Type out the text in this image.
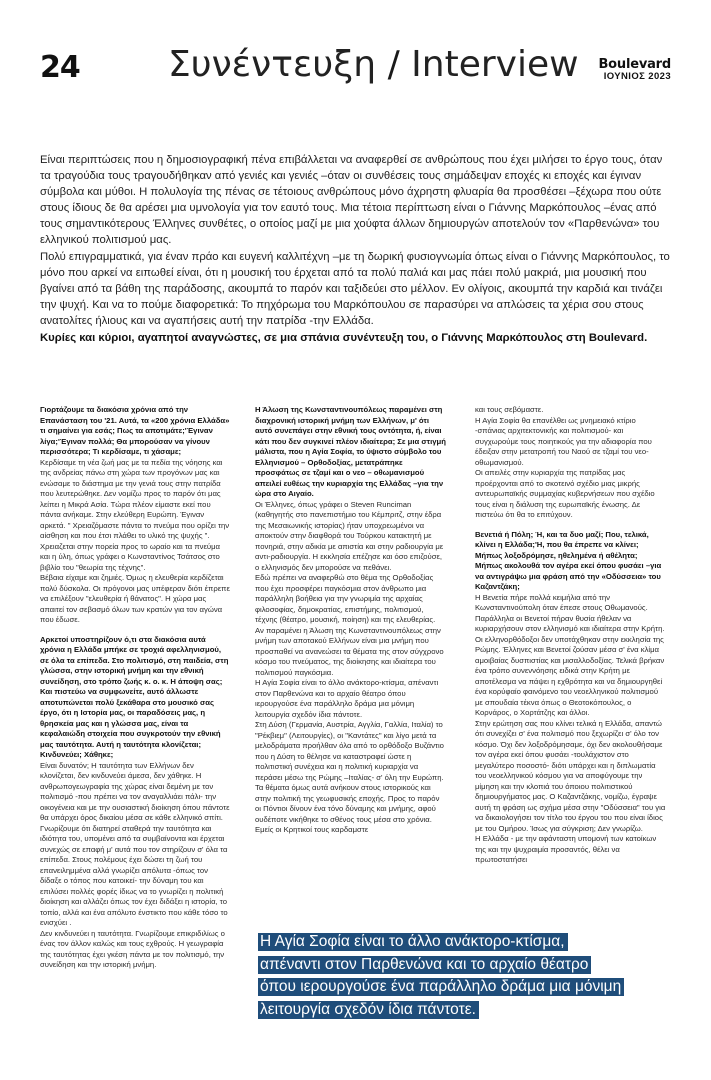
24 Συνέντευξη / Interview Boulevard
ΙΟΥΝΙΟΣ 2023

Είναι περιπτώσεις που η δημοσιογραφική πένα επιβάλλεται να αναφερθεί σε ανθρώπους που έχει μιλήσει το έργο τους, όταν τα τραγούδια τους τραγουδήθηκαν από γενιές και γενιές –όταν οι συνθέσεις τους σημάδεψαν εποχές κι εποχές και έγιναν σύμβολα και μύθοι. Η πολυλογία της πένας σε τέτοιους ανθρώπους μόνο άχρηστη φλυαρία θα προσθέσει –ξέχωρα που ούτε στους ίδιους δε θα αρέσει μια υμνολογία για τον εαυτό τους. Μια τέτοια περίπτωση είναι ο Γιάννης Μαρκόπουλος –ένας από τους σημαντικότερους Έλληνες συνθέτες, ο οποίος μαζί με μια χούφτα άλλων δημιουργών αποτελούν τον «Παρθενώνα» του ελληνικού πολιτισμού μας.

Πολύ επιγραμματικά, για έναν πράο και ευγενή καλλιτέχνη –με τη δωρική φυσιογνωμία όπως είναι ο Γιάννης Μαρκόπουλος, το μόνο που αρκεί να ειπωθεί είναι, ότι η μουσική του έρχεται από τα πολύ παλιά και μας πάει πολύ μακριά, μια μουσική που βγαίνει από τα βάθη της παράδοσης, ακουμπά το παρόν και ταξιδεύει στο μέλλον. Εν ολίγοις, ακουμπά την καρδιά και τινάζει την ψυχή. Και να το πούμε διαφορετικά: Το πηχόρωμα του Μαρκόπουλου σε παρασύρει να απλώσεις τα χέρια σου στους ανατολίτες ήλιους και να αγαπήσεις αυτή την πατρίδα -την Ελλάδα.

Κυρίες και κύριοι, αγαπητοί αναγνώστες, σε μια σπάνια συνέντευξη του, ο Γιάννης Μαρκόπουλος στη Boulevard.

Γιορτάζουμε τα διακόσια χρόνια από την Επανάσταση του '21. Αυτά, τα «200 χρόνια Ελλάδα» τι σημαίνει για εσάς; Πως τα αποτιμάτε;'Έγιναν λίγα;'Έγιναν πολλά; Θα μπορούσαν να γίνουν περισσότερα; Τι κερδίσαμε, τι χάσαμε;

Κερδίσαμε τη νέα ζωή μας με τα πεδία της νόησης και της ανδρείας πάνω στη χώρα των προγόνων μας και ενώσαμε το διάστημα με την γενιά τους στην πατρίδα που λευτερώθηκε. Δεν νομίζω προς το παρόν ότι μας λείπει η Μικρά Ασία. Τώρα πλέον είμαστε εκεί που πάντα ανήκαμε. Στην ελεύθερη Ευρώπη. Έγιναν αρκετά. " Χρειαζόμαστε πάντα το πνεύμα που ορίζει την αίσθηση και που έτσι πλάθει το υλικό της ψυχής ".

Χρειαζεται στην πορεία προς το ωραίο και τα πνεύμα και η ύλη, όπως γράφει ο Κωνσταντίνος Τσάτσος στο βιβλίο του "θεωρία της τέχνης".

Βέβαια είχαμε και ζημιές. Όμως η ελευθερία κερδίζεται πολύ δύσκολα. Οι πρόγονοι μας υπέφεραν διότι έπρεπε να επιλέξουν "ελευθερία ή θάνατος". Η χώρα μας απαιτεί τον σεβασμό όλων των κρατών για τον αγώνα που έδωσε.

Αρκετοί υποστηρίζουν ό,τι στα διακόσια αυτά χρόνια η Ελλάδα μπήκε σε τροχιά αφελληνισμού, σε όλα τα επίπεδα. Στο πολιτισμό, στη παιδεία, στη γλώσσα, στην ιστορική μνήμη και την εθνική συνείδηση, στο τρόπο ζωής κ. ο. κ. Η άποψη σας; Και πιστεύω να συμφωνείτε, αυτό άλλωστε αποτυπώνεται πολύ ξεκάθαρα στο μουσικό σας έργο, ότι η Ιστορία μας, οι παραδόσεις μας, η θρησκεία μας και η γλώσσα μας, είναι τα κεφαλαιώδη στοιχεία που συγκροτούν την εθνική μας ταυτότητα. Αυτή η ταυτότητα κλονίζεται; Κινδυνεύει; Χάθηκε;

Είναι δυνατόν; Η ταυτότητα των Ελλήνων δεν κλονίζεται, δεν κινδυνεύει άμεσα, δεν χάθηκε. Η ανθρωπογεωγραφία της χώρας είναι δεμένη με τον πολιτισμό -που πρέπει να τον αναγαλλιάει πάλι- την οικογένεια και με την ουσιαστική διοίκηση όπου πάντοτε θα υπάρχει όρος δικαίου μέσα σε κάθε ελληνικό σπίτι. Γνωρίζουμε ότι διατηρεί σταθερά την ταυτότητα και ιδιότητα του, υπομένει από τα συμβαίνοντα και έρχεται συνεχώς σε επαφή μ' αυτά που τον στηρίζουν σ' όλα τα επίπεδα. Στους πολέμους έχει δώσει τη ζωή του επανειλημμένα αλλά γνωρίζει απόλυτα -όπως τον δίδαξε ο τόπος που κατοικεί- την δύναμη του και επιλύσει πολλές φορές ίδιως να το γνωρίζει η πολιτική διοίκηση και αλλάζει όπως τον έχει διδάξει η ιστορία, το τοπίο, αλλά και ένα απόλυτο ένστικτο που κάθε τόσο το ενισχύει .

Δεν κινδυνεύει η ταυτότητα. Γνωρίζουμε επικριδιλίως ο ένας τον άλλον καλώς και τους εχθρούς. Η γεωγραφία της ταυτότητας έχει γκέση πάντα με τον πολιτισμό, την συνείδηση και την ιστορική μνήμη.

Η Άλωση της Κωνσταντινουπόλεως παραμένει στη διαχρονική ιστορική μνήμη των Ελλήνων, μ' ότι αυτό συνεπάγει στην εθνική τους οντότητα, ή, είναι κάτι που δεν συγκινεί πλέον ιδιαίτερα; Σε μια στιγμή μάλιστα, που η Αγία Σοφία, το ύψιστο σύμβολο του Ελληνισμού – Ορθοδοξίας, μετατράπηκε προσφάτως σε τζαμί και ο νεο – οθωμανισμού απειλεί ευθέως την κυριαρχία της Ελλάδας –για την ώρα στο Αιγαίο.

Οι Έλληνες, όπως γράφει ο Steven Runciman (καθηγητής στο πανεπιστήμιο του Κέμπριτζ, στην έδρα της Μεσαιωνικής ιστορίας) ήταν υποχρεωμένοι να αποκτούν στην διαφθορά του Τούρκου κατακτητή με πονηριά, στην αδικία με απιστία και στην ραδιουργία με αντι-ραδιουργία. Η εκκλησία επέζησε και όσο επιζούσε, ο ελληνισμός δεν μπορούσε να πεθάνει.

Εδώ πρέπει να αναφερθώ στο θέμα της Ορθοδοξίας που έχει προσφέρει παγκόσμια στον άνθρωπο μια παράλληλη βοήθεια για την γνωριμία της αρχαίας φιλοσοφίας, δημοκρατίας, επιστήμης, πολιτισμού, τέχνης (θέατρο, μουσική, ποίηση) και της ελευθερίας.

Αν παραμένει η Άλωση της Κωνσταντινουπόλεως στην μνήμη των αποτακού Ελλήνων είναι μια μνήμη που προσπαθεί να ανανεώσει τα θέματα της στον σύγχρονο κόσμο του πνεύματος, της διοίκησης και ιδιαίτερα του πολιτισμού παγκόσμια.

Η Αγία Σοφία είναι το άλλο ανάκτορο-κτίσμα, απέναντι στον Παρθενώνα και το αρχαίο θέατρο όπου ιερουργούσε ένα παράλληλο δράμα μια μόνιμη λειτουργία σχεδόν ίδια πάντοτε.

Στη Δύση (Γερμανία, Αυστρία, Αγγλία, Γαλλία, Ιταλία) το "Ρέκβιεμ" (Λειτουργίες), οι "Καντάτες" και λίγο μετά τα μελοδράματα προήλθαν όλα από το ορθόδοξο Βυζάντιο που η Δύση το θέλησε να καταστραφεί ώστε η πολιτιστική συνέχεια και η πολιτική κυριαρχία να περάσει μέσω της Ρώμης –Ιταλίας- σ' όλη την Ευρώπη. Τα θέματα όμως αυτά ανήκουν στους ιστορικούς και στην πολιτική της γεωφυσικής εποχής. Προς το παρόν οι Πόντιοι δίνουν ένα τόνο δύναμης και μνήμης, αφού ουδέποτε νικήθηκε το σθένος τους μέσα στο χρόνια. Εμείς οι Κρητικοί τους καρδαμστε

και τους σεβόμαστε.

Η Αγία Σοφία θα επανέλθει ως μνημειακό κτίριο -σπάνιας αρχιτεκτονικής και πολιτισμού- και συγχωρούμε τους ποιητικούς για την αδιαφορία που έδειξαν στην μετατροπή του Ναού σε τζαμί του νεο-οθωμανισμού.

Οι απειλές στην κυριαρχία της πατρίδας μας προέρχονται από το σκοτεινό σχέδιο μιας μικρής αντευρωπαϊκής συμμαχίας κυβερνήσεων που σχέδιο τους είναι η διάλυση της ευρωπαϊκής ένωσης. Δε πιστεύω ότι θα το επιτύχουν.

Βενετιά ή Πόλη; Ή, και τα δυο μαζί; Που, τελικά, κλίνει η Ελλάδα;'Η, που θα έπρεπε να κλίνει; Μήπως λοξοδρόμησε, ηθελημένα ή αθέλητα; Μήπως ακολουθά τον αγέρα εκεί όπου φυσάει –για να αντιγράψω μια φράση από την «Οδύσσεια» του Καζαντζάκη;

Η Βενετία πήρε πολλά κειμήλια από την Κωνσταντινούπολη όταν έπεσε στους Οθωμανούς. Παράλληλα οι Βενετοί πήραν θυσία ήθελαν να κυριαρχήσουν στον ελληνισμό και ιδιαίτερα στην Κρήτη. Οι ελληνορθόδοξοι δεν υποτάχθηκαν στην εκκλησία της Ρώμης. Έλληνες και Βενετοί ζούσαν μέσα σ' ένα κλίμα αμοιβαίας δυσπιστίας και μισαλλοδοξίας. Τελικά βρήκαν ένα τρόπο συνεννόησης ειδικά στην Κρήτη με αποτέλεσμα να πάψει η εχθρότητα και να δημιουργηθεί ένα κορύφαίο φαινόμενο του νεοελληνικού πολιτισμού με σπουδαία τέκνα όπως ο Θεοτοκόπουλος, ο Κορνάρος, ο Χορτάτζης και άλλοι.

Στην ερώτηση σας που κλίνει τελικά η Ελλάδα, απαντώ ότι συνεχίζει σ' ένα πολιτισμό που ξεχωρίζει σ' όλο τον κόσμο. Όχι δεν λοξοδρόμησαμε, όχι δεν ακολουθήσαμε τον αγέρα εκεί όπου φυσάει -τουλάχιστον στο μεγαλύτερο ποσοστό- διότι υπάρχει και η διπλωματία του νεοελληνικού κόσμου για να αποφύγουμε την μίμηση και την κλοπιά του όποιου πολιτιστικού δημιουργήματος μας. Ο Καζαντζάκης, νομίζω, έγραψε αυτή τη φράση ως σχήμα μέσα στην "Οδύσσεια" του για να δικαιολογήσει τον τίτλο του έργου του που είναι ίδιος με του Ομήρου. Ίσως για σύγκριση; Δεν γνωρίζω.

Η Ελλάδα - με την αφάνταστη υπομονή των κατοίκων της και την ψυχραιμία προσαντός, θέλει να πρωτοστατήσει

Η Αγία Σοφία είναι το άλλο ανάκτορο-κτίσμα,
απέναντι στον Παρθενώνα και το αρχαίο θέατρο
όπου ιερουργούσε ένα παράλληλο δράμα μια μόνιμη
λειτουργία σχεδόν ίδια πάντοτε.
